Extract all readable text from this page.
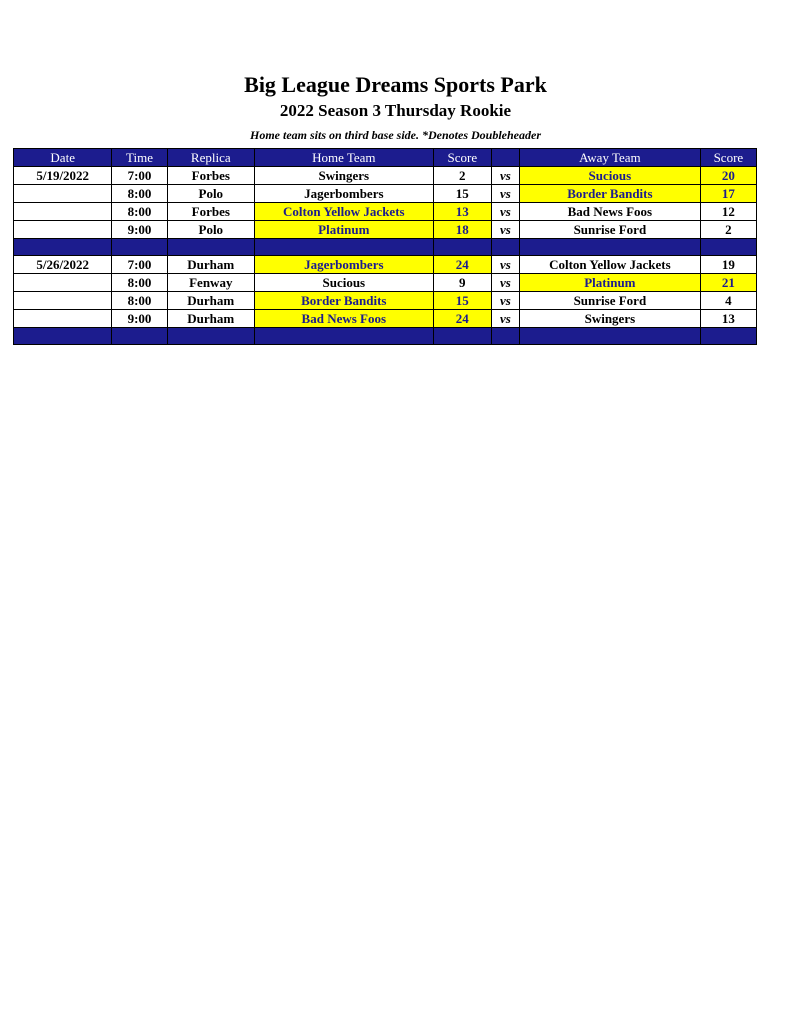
Big League Dreams Sports Park
2022 Season 3 Thursday Rookie
Home team sits on third base side. *Denotes Doubleheader
Date	Time	Replica	Home Team	Score		Away Team	Score
5/19/2022	7:00	Forbes	Swingers	2	vs	Sucious	20
	8:00	Polo	Jagerbombers	15	vs	Border Bandits	17
	8:00	Forbes	Colton Yellow Jackets	13	vs	Bad News Foos	12
	9:00	Polo	Platinum	18	vs	Sunrise Ford	2

5/26/2022	7:00	Durham	Jagerbombers	24	vs	Colton Yellow Jackets	19
	8:00	Fenway	Sucious	9	vs	Platinum	21
	8:00	Durham	Border Bandits	15	vs	Sunrise Ford	4
	9:00	Durham	Bad News Foos	24	vs	Swingers	13
